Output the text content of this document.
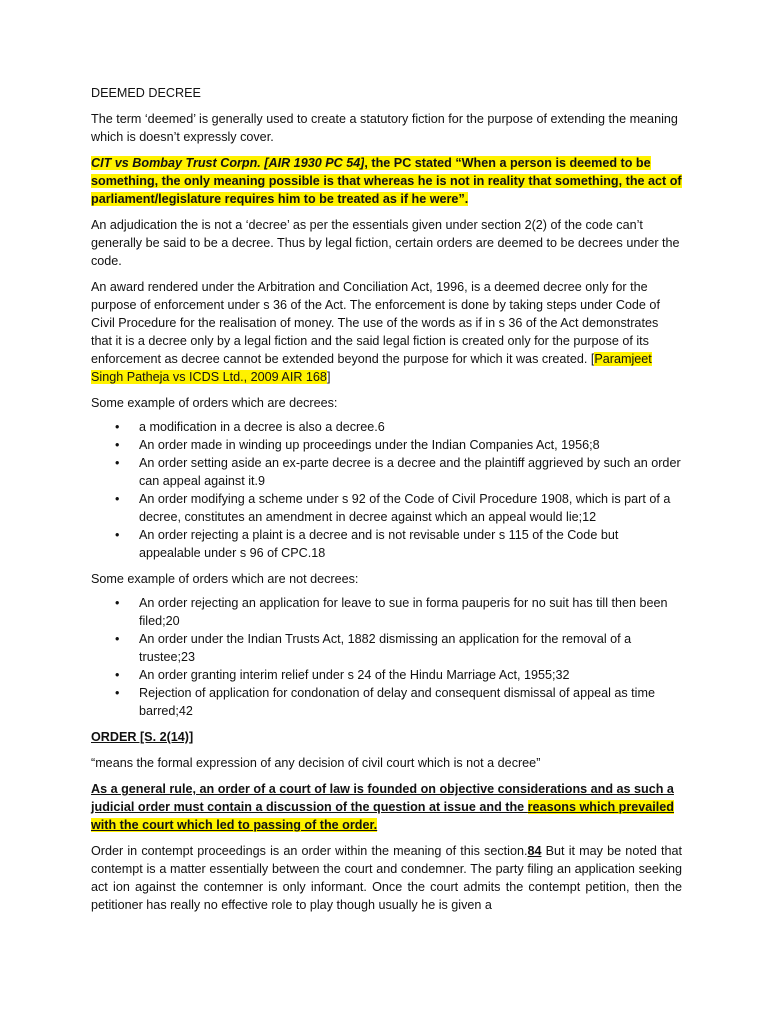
DEEMED DECREE

The term ‘deemed’ is generally used to create a statutory fiction for the purpose of extending the meaning which is doesn’t expressly cover.

CIT vs Bombay Trust Corpn. [AIR 1930 PC 54], the PC stated “When a person is deemed to be something, the only meaning possible is that whereas he is not in reality that something, the act of parliament/legislature requires him to be treated as if he were”.

An adjudication the is not a ‘decree’ as per the essentials given under section 2(2) of the code can’t generally be said to be a decree. Thus by legal fiction, certain orders are deemed to be decrees under the code.

An award rendered under the Arbitration and Conciliation Act, 1996, is a deemed decree only for the purpose of enforcement under s 36 of the Act. The enforcement is done by taking steps under Code of Civil Procedure for the realisation of money. The use of the words as if in s 36 of the Act demonstrates that it is a decree only by a legal fiction and the said legal fiction is created only for the purpose of its enforcement as decree cannot be extended beyond the purpose for which it was created. [Paramjeet Singh Patheja vs ICDS Ltd., 2009 AIR 168]

Some example of orders which are decrees:

• a modification in a decree is also a decree.6
• An order made in winding up proceedings under the Indian Companies Act, 1956;8
• An order setting aside an ex-parte decree is a decree and the plaintiff aggrieved by such an order can appeal against it.9
• An order modifying a scheme under s 92 of the Code of Civil Procedure 1908, which is part of a decree, constitutes an amendment in decree against which an appeal would lie;12
• An order rejecting a plaint is a decree and is not revisable under s 115 of the Code but appealable under s 96 of CPC.18

Some example of orders which are not decrees:

• An order rejecting an application for leave to sue in forma pauperis for no suit has till then been filed;20
• An order under the Indian Trusts Act, 1882 dismissing an application for the removal of a trustee;23
• An order granting interim relief under s 24 of the Hindu Marriage Act, 1955;32
• Rejection of application for condonation of delay and consequent dismissal of appeal as time barred;42

ORDER [S. 2(14)]

“means the formal expression of any decision of civil court which is not a decree”

As a general rule, an order of a court of law is founded on objective considerations and as such a judicial order must contain a discussion of the question at issue and the reasons which prevailed with the court which led to passing of the order.

Order in contempt proceedings is an order within the meaning of this section.84 But it may be noted that contempt is a matter essentially between the court and condemner. The party filing an application seeking act ion against the contemner is only informant. Once the court admits the contempt petition, then the petitioner has really no effective role to play though usually he is given a
